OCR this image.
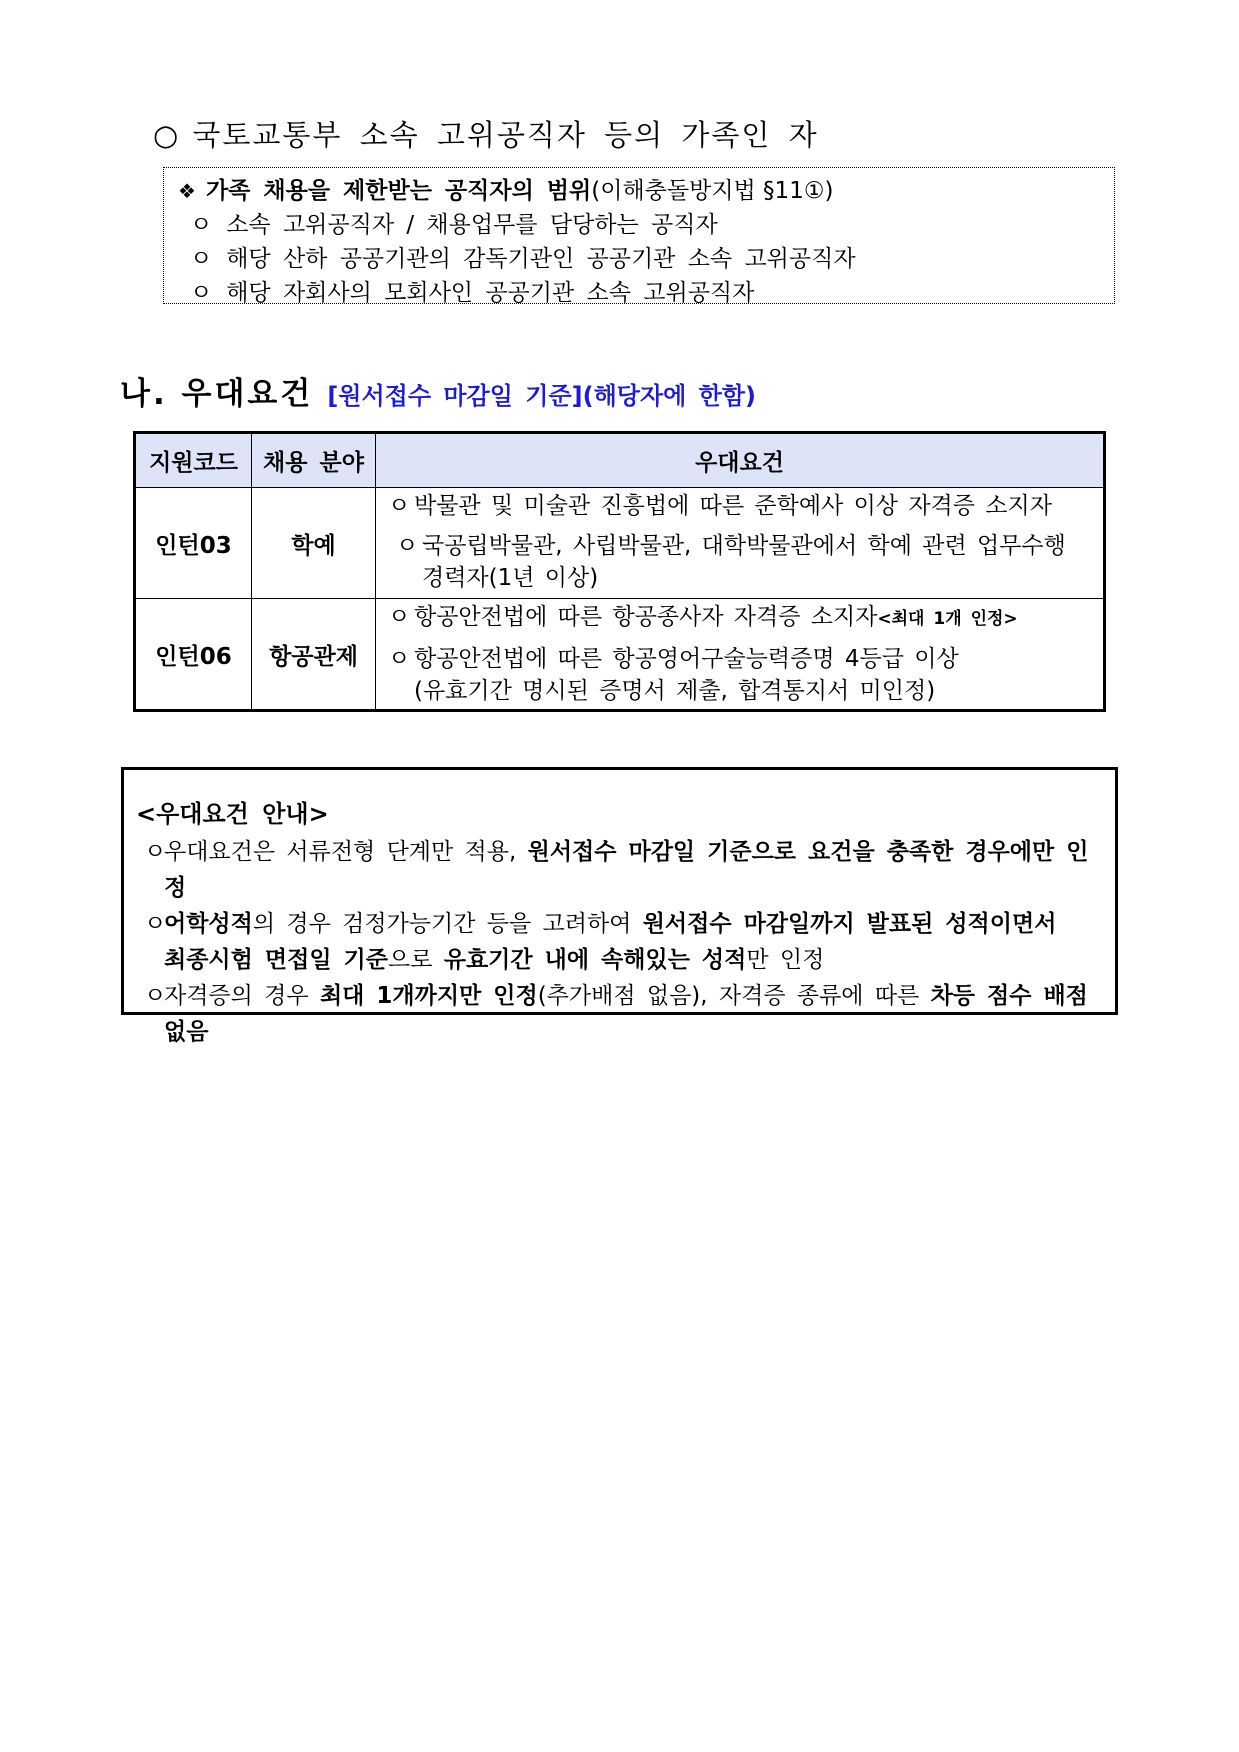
○ 국토교통부 소속 고위공직자 등의 가족인 자
❖ 가족 채용을 제한받는 공직자의 범위(이해충돌방지법 §11①)
ㅇ 소속 고위공직자 / 채용업무를 담당하는 공직자
ㅇ 해당 산하 공공기관의 감독기관인 공공기관 소속 고위공직자
ㅇ 해당 자회사의 모회사인 공공기관 소속 고위공직자
나. 우대요건 [원서접수 마감일 기준](해당자에 한함)
지원코드	채용 분야	우대요건
인턴03	학예	ㅇ 박물관 및 미술관 진흥법에 따른 준학예사 이상 자격증 소지자
ㅇ 국공립박물관, 사립박물관, 대학박물관에서 학예 관련 업무수행
경력자(1년 이상)

인턴06	항공관제	ㅇ 항공안전법에 따른 항공종사자 자격증 소지자<최대 1개 인정>
ㅇ 항공안전법에 따른 항공영어구술능력증명 4등급 이상
(유효기간 명시된 증명서 제출, 합격통지서 미인정)
<우대요건 안내>
ㅇ
우대요건은 서류전형 단계만 적용, 원서접수 마감일 기준으로 요건을 충족한 경우에만 인정
ㅇ
어학성적의 경우 검정가능기간 등을 고려하여 원서접수 마감일까지 발표된 성적이면서
최종시험 면접일 기준으로 유효기간 내에 속해있는 성적만 인정
ㅇ
자격증의 경우 최대 1개까지만 인정(추가배점 없음), 자격증 종류에 따른 차등 점수 배점 없음
